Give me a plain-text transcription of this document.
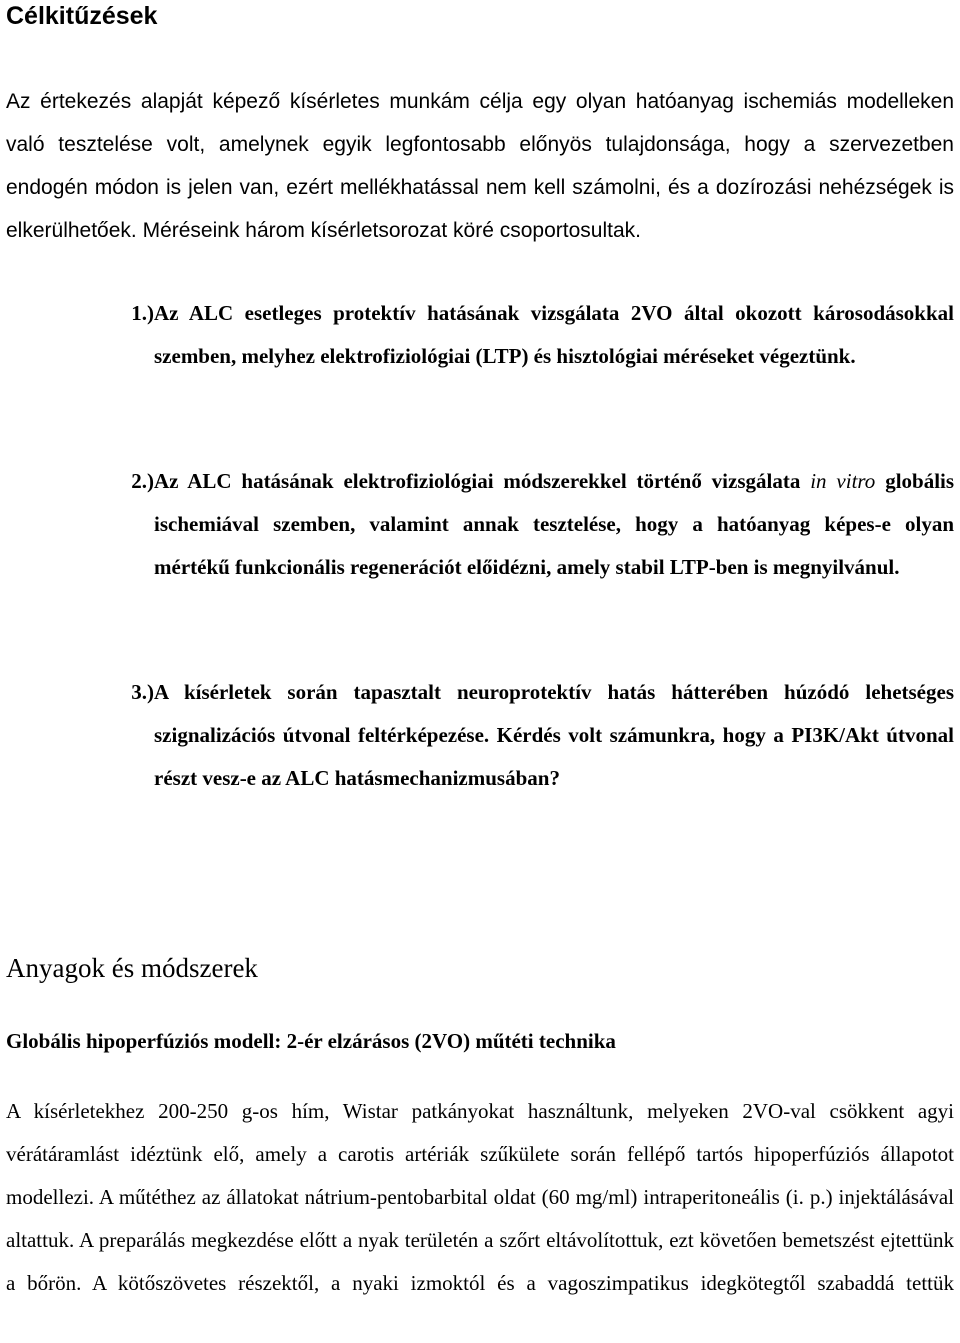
Célkitűzések

Az értekezés alapját képező kísérletes munkám célja egy olyan hatóanyag ischemiás modelleken való tesztelése volt, amelynek egyik legfontosabb előnyös tulajdonsága, hogy a szervezetben endogén módon is jelen van, ezért mellékhatással nem kell számolni, és a dozírozási nehézségek is elkerülhetőek. Méréseink három kísérletsorozat köré csoportosultak.

1.) Az ALC esetleges protektív hatásának vizsgálata 2VO által okozott károsodásokkal szemben, melyhez elektrofiziológiai (LTP) és hisztológiai méréseket végeztünk.
2.) Az ALC hatásának elektrofiziológiai módszerekkel történő vizsgálata in vitro globális ischemiával szemben, valamint annak tesztelése, hogy a hatóanyag képes-e olyan mértékű funkcionális regenerációt előidézni, amely stabil LTP-ben is megnyilvánul.
3.) A kísérletek során tapasztalt neuroprotektív hatás hátterében húzódó lehetséges szignalizációs útvonal feltérképezése. Kérdés volt számunkra, hogy a PI3K/Akt útvonal részt vesz-e az ALC hatásmechanizmusában?
Anyagok és módszerek
Globális hipoperfúziós modell: 2-ér elzárásos (2VO) műtéti technika

A kísérletekhez 200-250 g-os hím, Wistar patkányokat használtunk, melyeken 2VO-val csökkent agyi vérátáramlást idéztünk elő, amely a carotis artériák szűkülete során fellépő tartós hipoperfúziós állapotot modellezi. A műtéthez az állatokat nátrium-pentobarbital oldat (60 mg/ml) intraperitoneális (i. p.) injektálásával altattuk. A preparálás megkezdése előtt a nyak területén a szőrt eltávolítottuk, ezt követően bemetszést ejtettünk a bőrön. A kötőszövetes részektől, a nyaki izmoktól és a vagoszimpatikus idegkötegtől szabaddá tettük
